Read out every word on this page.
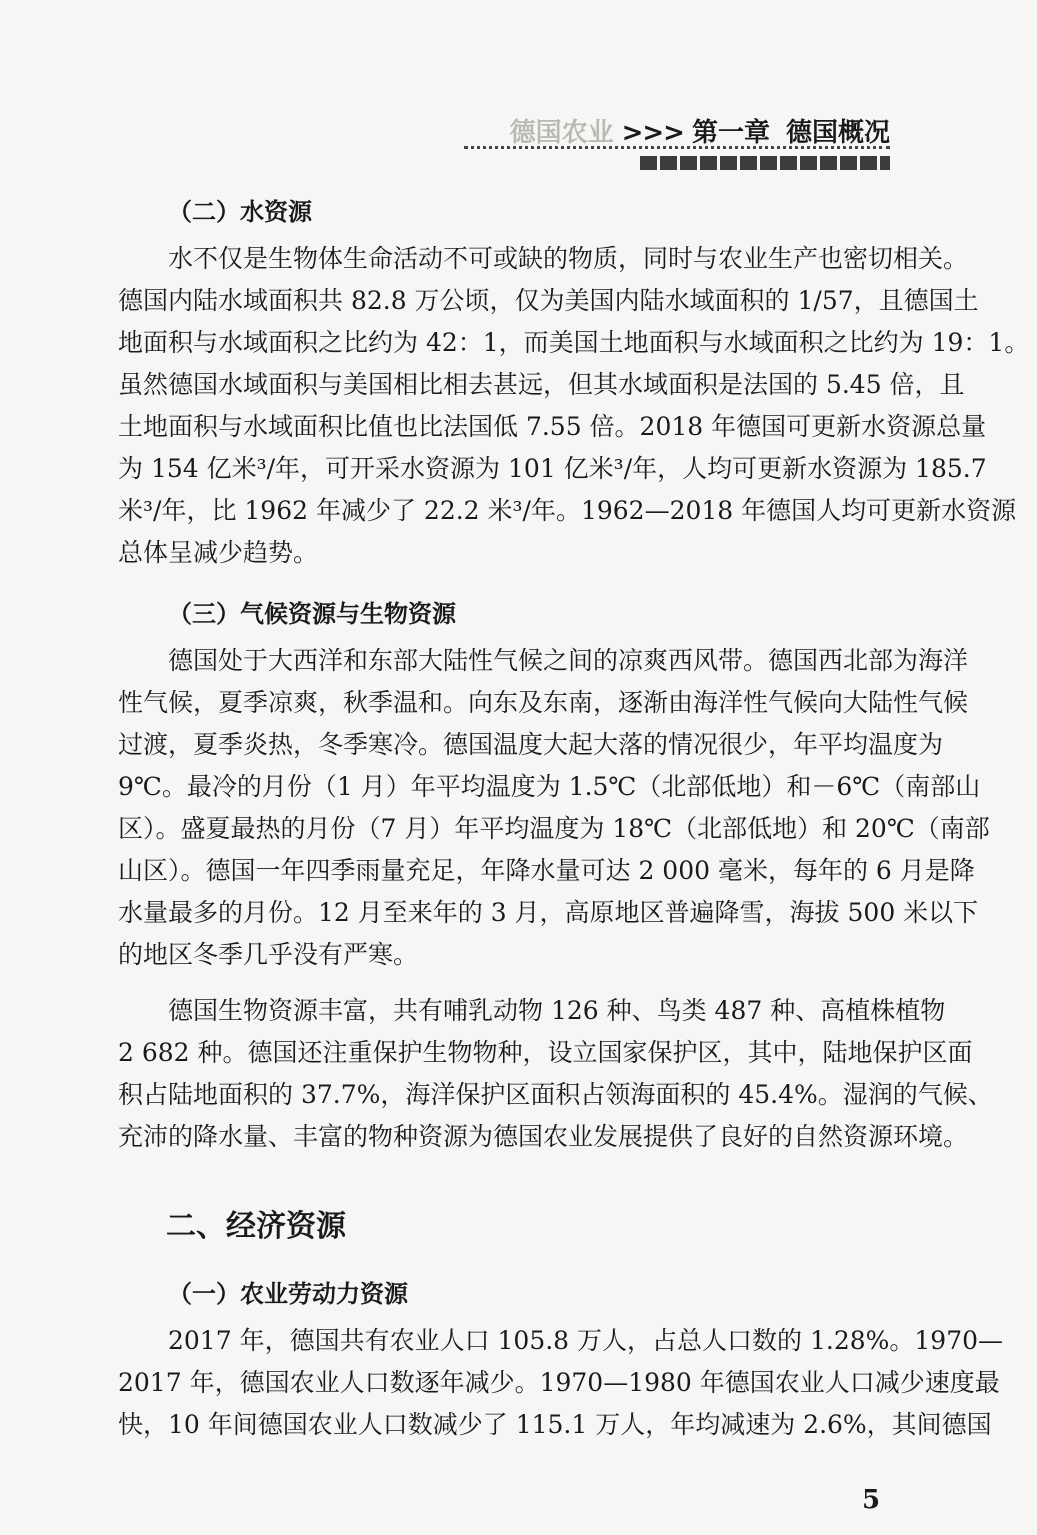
德国农业 >>> 第一章 德国概况
（二）水资源
水不仅是生物体生命活动不可或缺的物质，同时与农业生产也密切相关。
德国内陆水域面积共 82.8 万公顷，仅为美国内陆水域面积的 1/57，且德国土
地面积与水域面积之比约为 42：1，而美国土地面积与水域面积之比约为 19：1。
虽然德国水域面积与美国相比相去甚远，但其水域面积是法国的 5.45 倍，且
土地面积与水域面积比值也比法国低 7.55 倍。2018 年德国可更新水资源总量
为 154 亿米³/年，可开采水资源为 101 亿米³/年，人均可更新水资源为 185.7
米³/年，比 1962 年减少了 22.2 米³/年。1962—2018 年德国人均可更新水资源
总体呈减少趋势。
（三）气候资源与生物资源
德国处于大西洋和东部大陆性气候之间的凉爽西风带。德国西北部为海洋
性气候，夏季凉爽，秋季温和。向东及东南，逐渐由海洋性气候向大陆性气候
过渡，夏季炎热，冬季寒冷。德国温度大起大落的情况很少，年平均温度为
9℃。最冷的月份（1 月）年平均温度为 1.5℃（北部低地）和－6℃（南部山
区）。盛夏最热的月份（7 月）年平均温度为 18℃（北部低地）和 20℃（南部
山区）。德国一年四季雨量充足，年降水量可达 2 000 毫米，每年的 6 月是降
水量最多的月份。12 月至来年的 3 月，高原地区普遍降雪，海拔 500 米以下
的地区冬季几乎没有严寒。
德国生物资源丰富，共有哺乳动物 126 种、鸟类 487 种、高植株植物
2 682 种。德国还注重保护生物物种，设立国家保护区，其中，陆地保护区面
积占陆地面积的 37.7%，海洋保护区面积占领海面积的 45.4%。湿润的气候、
充沛的降水量、丰富的物种资源为德国农业发展提供了良好的自然资源环境。
二、经济资源
（一）农业劳动力资源
2017 年，德国共有农业人口 105.8 万人，占总人口数的 1.28%。1970—
2017 年，德国农业人口数逐年减少。1970—1980 年德国农业人口减少速度最
快，10 年间德国农业人口数减少了 115.1 万人，年均减速为 2.6%，其间德国
5
